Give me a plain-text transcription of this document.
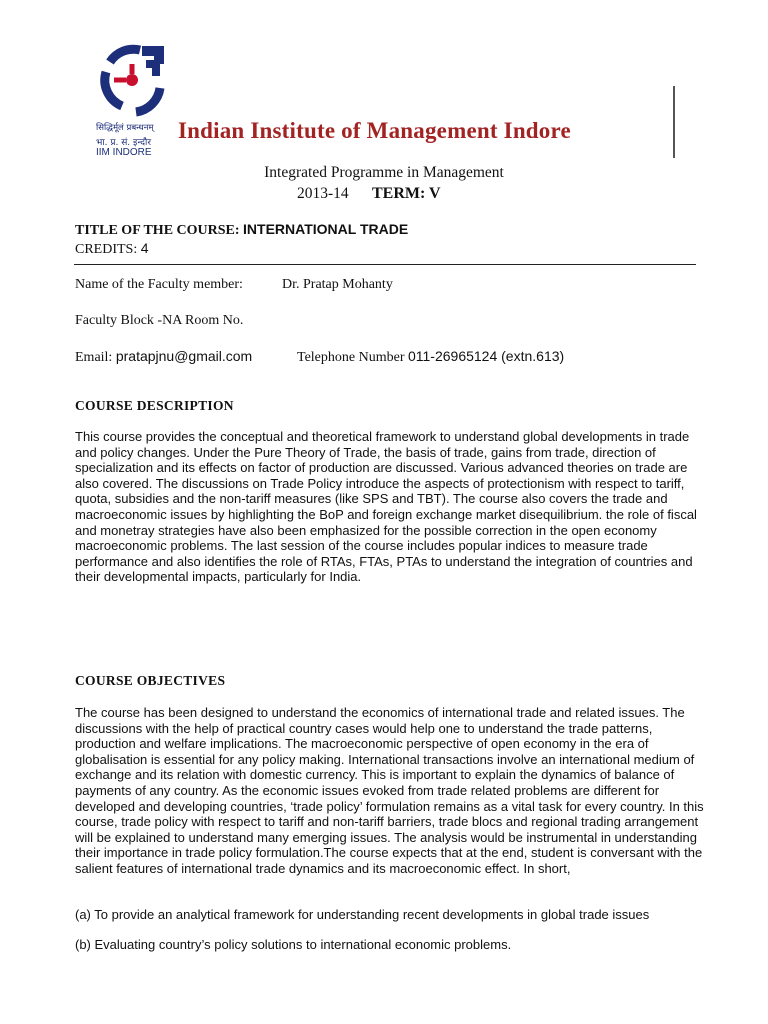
सिद्धिर्मूलं प्रबन्धनम्
भा. प्र. सं. इन्दौर
IIM INDORE
Indian Institute of Management Indore
Integrated Programme in Management
2013-14 TERM: V
TITLE OF THE COURSE: INTERNATIONAL TRADE
CREDITS: 4
Name of the Faculty member:	Dr. Pratap Mohanty
Faculty Block -NA Room No.
Email: pratapjnu@gmail.com	Telephone Number 011-26965124 (extn.613)
COURSE DESCRIPTION

This course provides the conceptual and theoretical framework to understand global developments in trade and policy changes. Under the Pure Theory of Trade, the basis of trade, gains from trade, direction of specialization and its effects on factor of production are discussed. Various advanced theories on trade are also covered. The discussions on Trade Policy introduce the aspects of protectionism with respect to tariff, quota, subsidies and the non-tariff measures (like SPS and TBT). The course also covers the trade and macroeconomic issues by highlighting the BoP and foreign exchange market disequilibrium. the role of fiscal and monetray strategies have also been emphasized for the possible correction in the open economy macroeconomic problems. The last session of the course includes popular indices to measure trade performance and also identifies the role of RTAs, FTAs, PTAs to understand the integration of countries and their developmental impacts, particularly for India.

COURSE OBJECTIVES

The course has been designed to understand the economics of international trade and related issues. The discussions with the help of practical country cases would help one to understand the trade patterns, production and welfare implications. The macroeconomic perspective of open economy in the era of globalisation is essential for any policy making. International transactions involve an international medium of exchange and its relation with domestic currency. This is important to explain the dynamics of balance of payments of any country. As the economic issues evoked from trade related problems are different for developed and developing countries, ‘trade policy’ formulation remains as a vital task for every country. In this course, trade policy with respect to tariff and non-tariff barriers, trade blocs and regional trading arrangement will be explained to understand many emerging issues. The analysis would be instrumental in understanding their importance in trade policy formulation.The course expects that at the end, student is conversant with the salient features of international trade dynamics and its macroeconomic effect. In short,

(a) To provide an analytical framework for understanding recent developments in global trade issues

(b) Evaluating country’s policy solutions to international economic problems.
